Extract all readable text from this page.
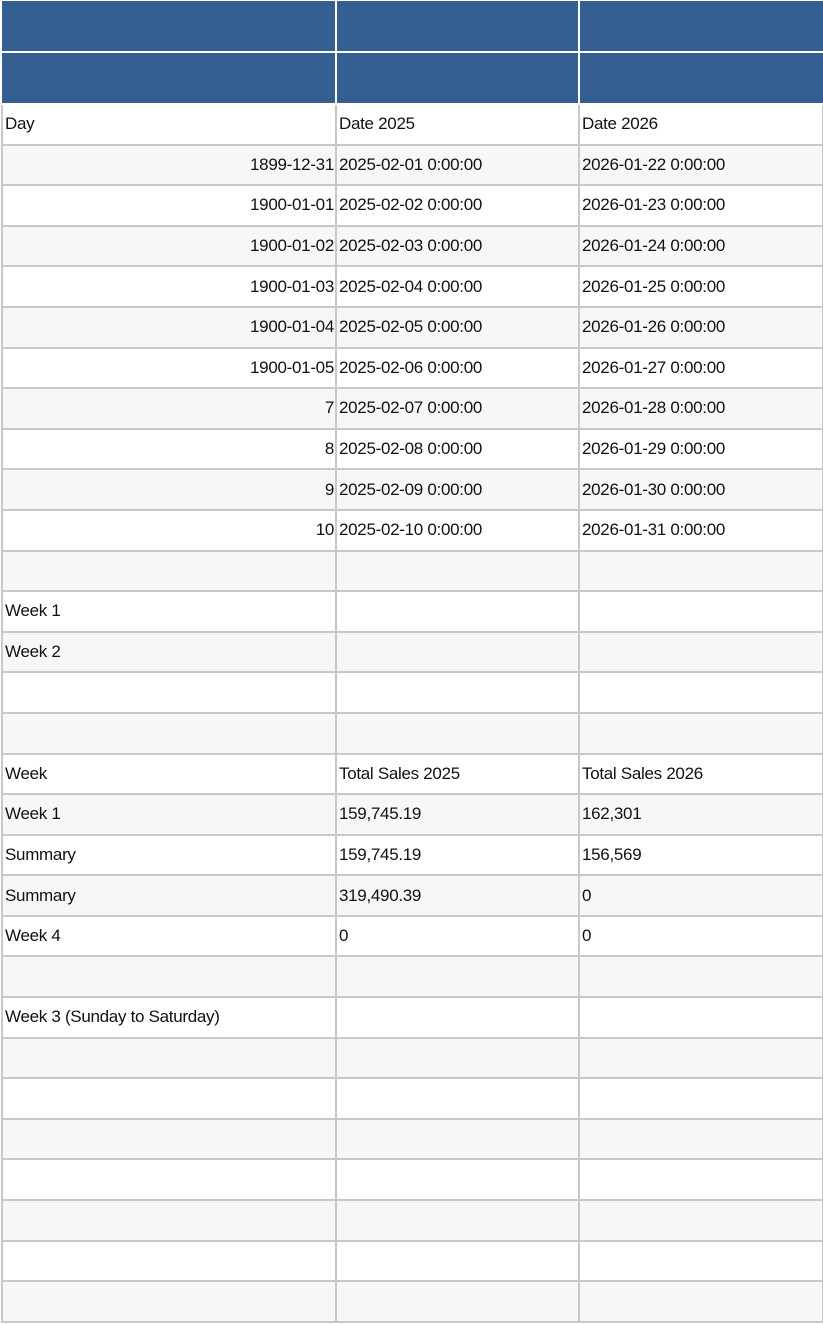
Day	Date 2025	Date 2026
1899-12-31	2025-02-01 0:00:00	2026-01-22 0:00:00
1900-01-01	2025-02-02 0:00:00	2026-01-23 0:00:00
1900-01-02	2025-02-03 0:00:00	2026-01-24 0:00:00
1900-01-03	2025-02-04 0:00:00	2026-01-25 0:00:00
1900-01-04	2025-02-05 0:00:00	2026-01-26 0:00:00
1900-01-05	2025-02-06 0:00:00	2026-01-27 0:00:00
7	2025-02-07 0:00:00	2026-01-28 0:00:00
8	2025-02-08 0:00:00	2026-01-29 0:00:00
9	2025-02-09 0:00:00	2026-01-30 0:00:00
10	2025-02-10 0:00:00	2026-01-31 0:00:00

Week 1		
Week 2		

Week	Total Sales 2025	Total Sales 2026
Week 1	159,745.19	162,301
Summary	159,745.19	156,569
Summary	319,490.39	0
Week 4	0	0

Week 3 (Sunday to Saturday)		
